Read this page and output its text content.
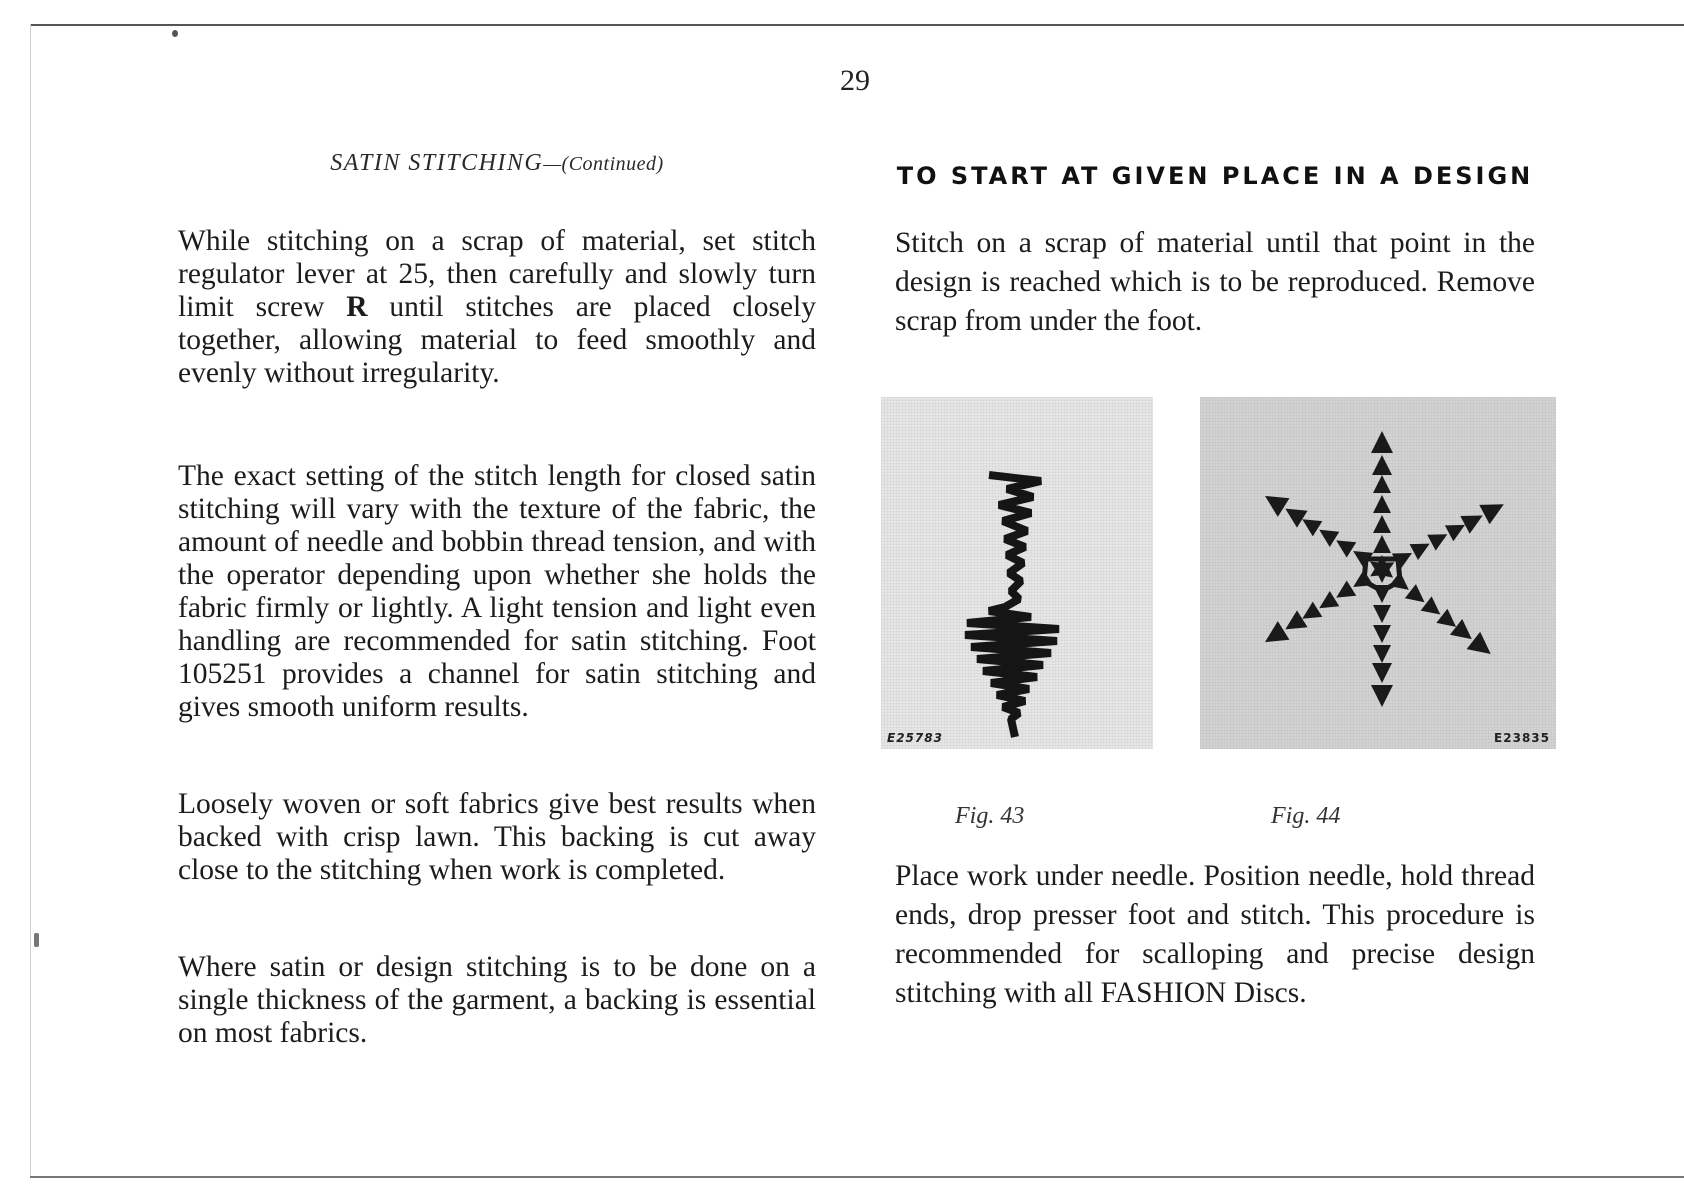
29
SATIN STITCHING—(Continued)

While stitching on a scrap of material, set stitch regulator lever at 25, then carefully and slowly turn limit screw R until stitches are placed closely together, allowing material to feed smoothly and evenly without irregularity.

The exact setting of the stitch length for closed satin stitching will vary with the texture of the fabric, the amount of needle and bobbin thread tension, and with the operator depending upon whether she holds the fabric firmly or lightly. A light tension and light even handling are recommended for satin stitching. Foot 105251 provides a channel for satin stitching and gives smooth uniform results.

Loosely woven or soft fabrics give best results when backed with crisp lawn. This backing is cut away close to the stitching when work is completed.

Where satin or design stitching is to be done on a single thickness of the garment, a backing is essential on most fabrics.

TO START AT GIVEN PLACE IN A DESIGN

Stitch on a scrap of material until that point in the design is reached which is to be reproduced. Remove scrap from under the foot.

E25783	E23835
Fig. 43	Fig. 44

Place work under needle. Position needle, hold thread ends, drop presser foot and stitch. This procedure is recommended for scalloping and precise design stitching with all FASHION Discs.
